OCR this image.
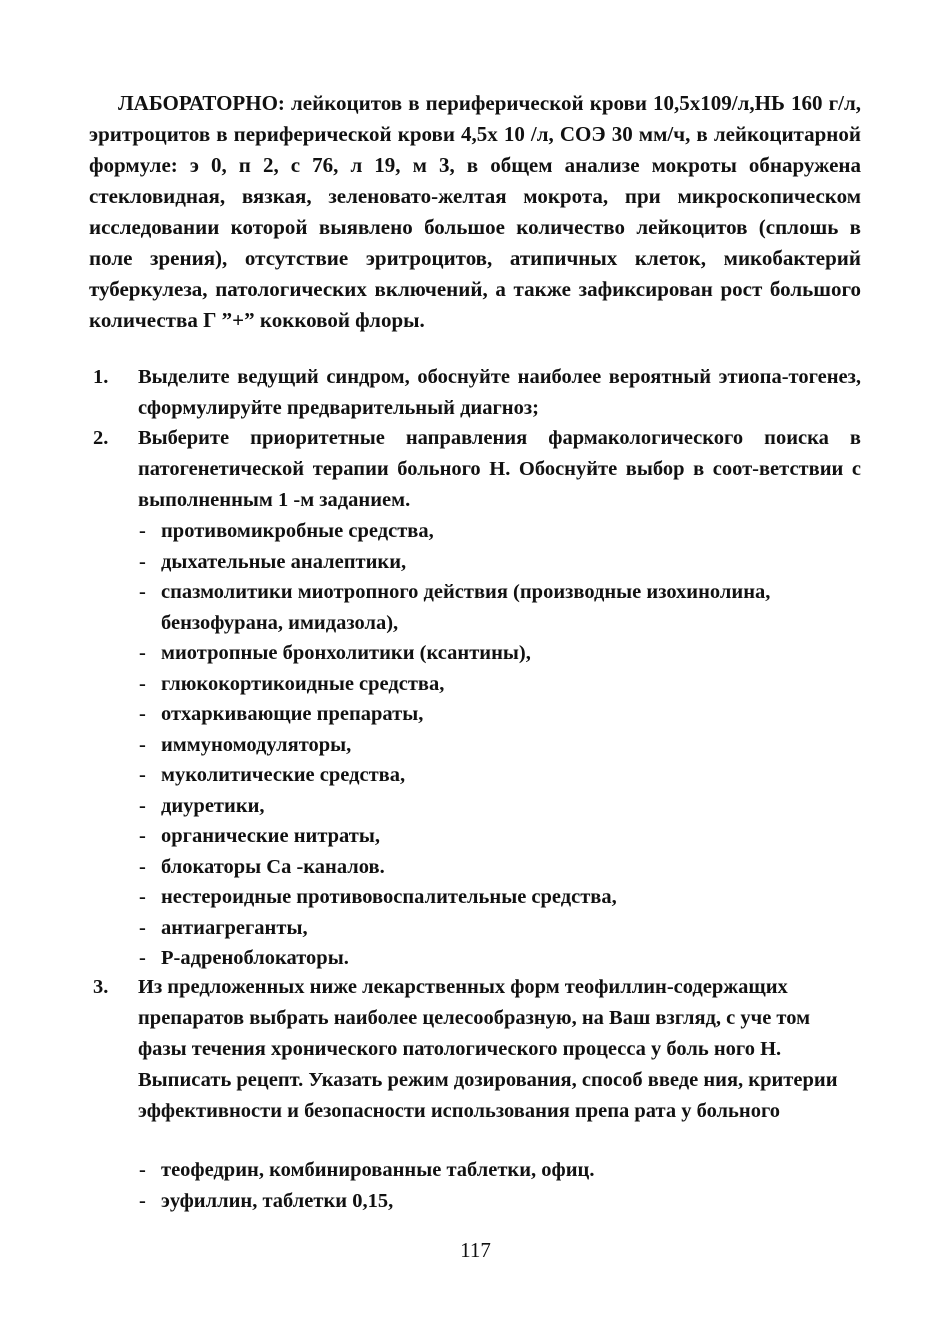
ЛАБОРАТОРНО: лейкоцитов в периферической крови 10,5х109/л,НЬ 160 г/л, эритроцитов в периферической крови 4,5х 10 /л, СОЭ 30 мм/ч, в лейкоцитарной формуле: э 0, п 2, с 76, л 19, м 3, в общем анализе мокроты обнаружена стекловидная, вязкая, зеленовато-желтая мокрота, при микроскопическом исследовании которой выявлено большое количество лейкоцитов (сплошь в поле зрения), отсутствие эритроцитов, атипичных клеток, микобактерий туберкулеза, патологических включений, а также зафиксирован рост большого количества Г ”+” кокковой флоры.

1. Выделите ведущий синдром, обоснуйте наиболее вероятный этиопа-тогенез, сформулируйте предварительный диагноз;
2. Выберите приоритетные направления фармакологического поиска в патогенетической терапии больного Н. Обоснуйте выбор в соот-ветствии с выполненным 1 -м заданием.
- противомикробные средства,
- дыхательные аналептики,
- спазмолитики миотропного действия (производные изохинолина, бензофурана, имидазола),
- миотропные бронхолитики (ксантины),
- глюкокортикоидные средства,
- отхаркивающие препараты,
- иммуномодуляторы,
- муколитические средства,
- диуретики,
- органические нитраты,
- блокаторы Са -каналов.
- нестероидные противовоспалительные средства,
- антиагреганты,
- Р-адреноблокаторы.
3. Из предложенных ниже лекарственных форм теофиллин-содержащих препаратов выбрать наиболее целесообразную, на Ваш взгляд, с уче том фазы течения хронического патологического процесса у боль ного Н. Выписать рецепт. Указать режим дозирования, способ введе ния, критерии эффективности и безопасности использования препа рата у больного
- теофедрин, комбинированные таблетки, офиц.
- эуфиллин, таблетки 0,15,
117
